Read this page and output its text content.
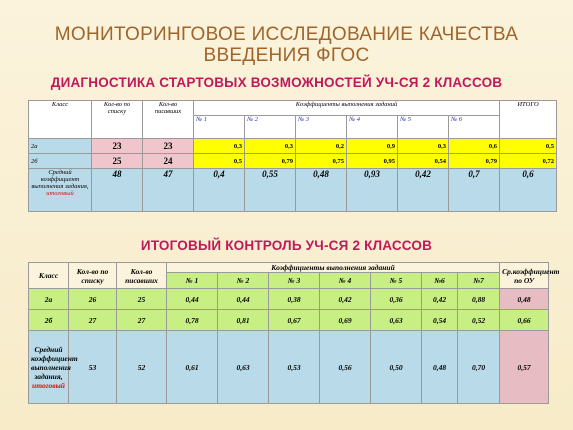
МОНИТОРИНГОВОЕ ИССЛЕДОВАНИЕ КАЧЕСТВА
ВВЕДЕНИЯ ФГОС
ДИАГНОСТИКА СТАРТОВЫХ ВОЗМОЖНОСТЕЙ УЧ-СЯ 2 КЛАССОВ
Класс	Кол-во по списку	Кол-во писавших	Коэффициенты выполнения заданий						ИТОГО
			№ 1	№ 2	№ 3	№ 4	№ 5	№ 6	
2а	23	23	0,3	0,3	0,2	0,9	0,3	0,6	0,5
2б	25	24	0,5	0,79	0,75	0,95	0,54	0,79	0,72
Средний коэффициент выполнения задания, итоговый	48	47	0,4	0,55	0,48	0,93	0,42	0,7	0,6
ИТОГОВЫЙ КОНТРОЛЬ УЧ-СЯ 2 КЛАССОВ
Класс	Кол-во по списку	Кол-во писавших	Коэффициенты выполнения заданий							Ср.коэффициент по ОУ
			№ 1	№ 2	№ 3	№ 4	№ 5	№6	№7	
2а	26	25	0,44	0,44	0,38	0,42	0,36	0,42	0,88	0,48
2б	27	27	0,78	0,81	0,67	0,69	0,63	0,54	0,52	0,66
Средний коэффициент выполнения задания, итоговый	53	52	0,61	0,63	0,53	0,56	0,50	0,48	0,70	0,57
